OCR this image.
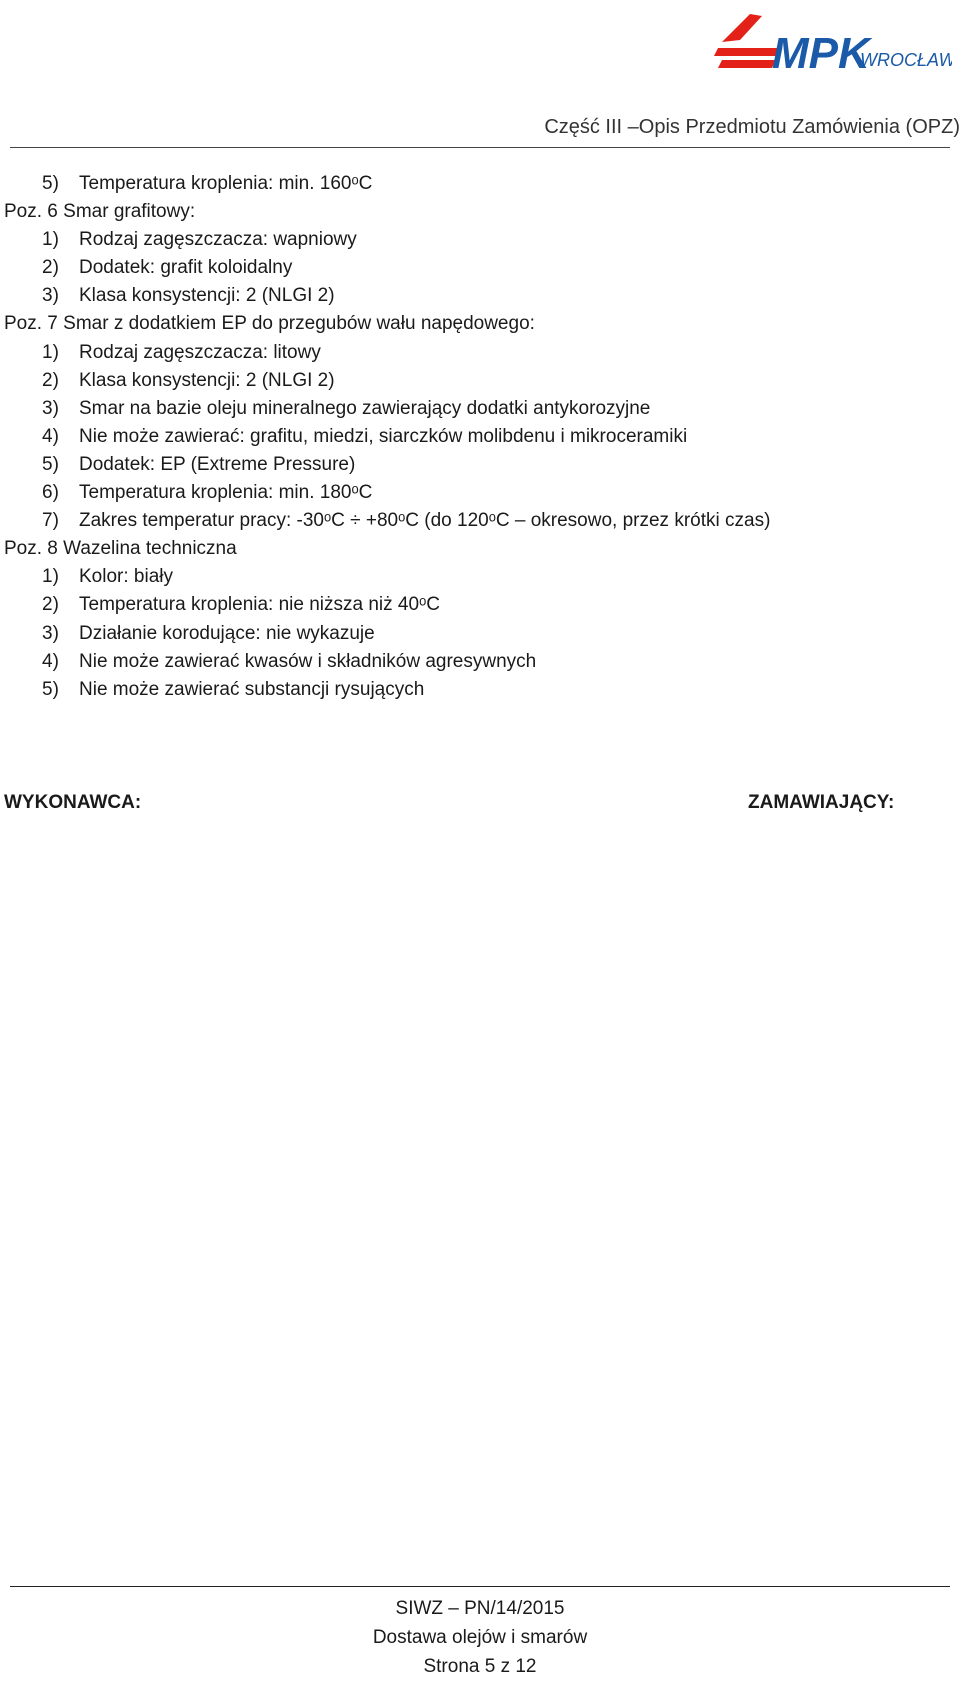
MPK
WROCŁAW
Część III –Opis Przedmiotu Zamówienia (OPZ)
5) Temperatura kroplenia: min. 160ᵒC
Poz. 6 Smar grafitowy:
1) Rodzaj zagęszczacza: wapniowy
2) Dodatek: grafit koloidalny
3) Klasa konsystencji: 2 (NLGI 2)
Poz. 7 Smar z dodatkiem EP do przegubów wału napędowego:
1) Rodzaj zagęszczacza: litowy
2) Klasa konsystencji: 2 (NLGI 2)
3) Smar na bazie oleju mineralnego zawierający dodatki antykorozyjne
4) Nie może zawierać: grafitu, miedzi, siarczków molibdenu i mikroceramiki
5) Dodatek: EP (Extreme Pressure)
6) Temperatura kroplenia: min. 180ᵒC
7) Zakres temperatur pracy: -30ᵒC ÷ +80ᵒC (do 120ᵒC – okresowo, przez krótki czas)
Poz. 8 Wazelina techniczna
1) Kolor: biały
2) Temperatura kroplenia: nie niższa niż 40ᵒC
3) Działanie korodujące: nie wykazuje
4) Nie może zawierać kwasów i składników agresywnych
5) Nie może zawierać substancji rysujących
WYKONAWCA:	ZAMAWIAJĄCY:
SIWZ – PN/14/2015
Dostawa olejów i smarów
Strona 5 z 12
